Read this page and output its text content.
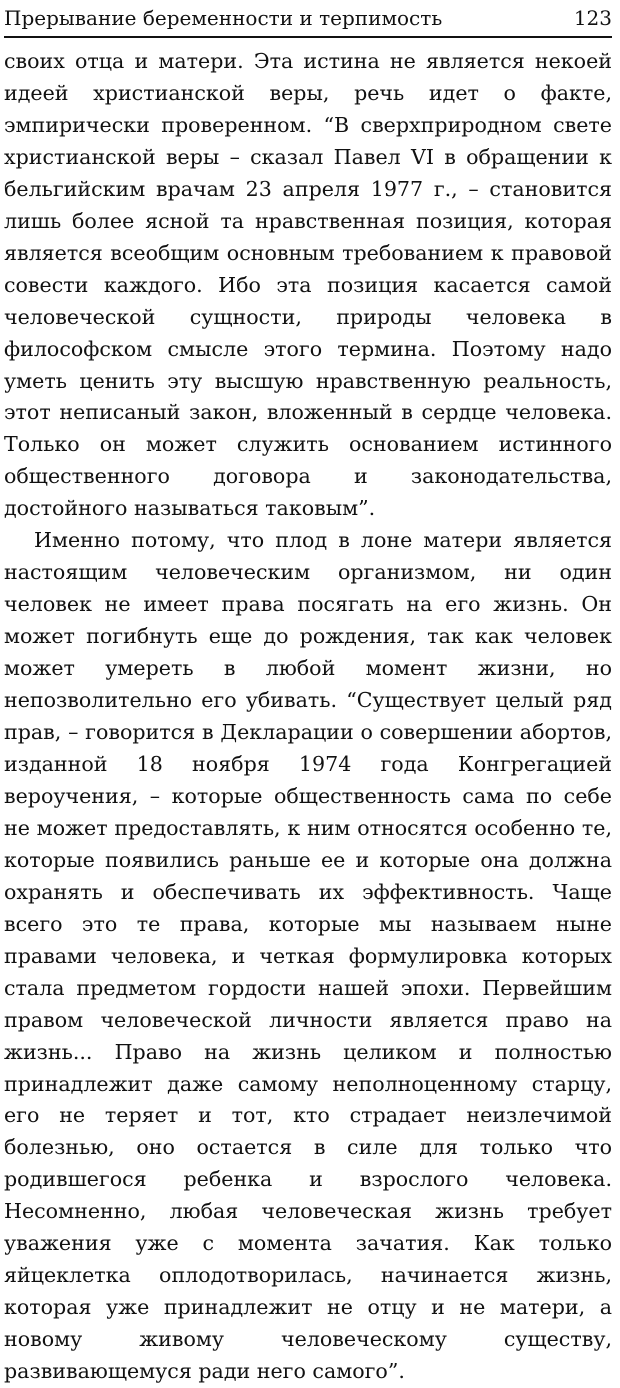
Прерывание беременности и терпимость	123

своих отца и матери. Эта истина не является некоей идеей христианской веры, речь идет о факте, эмпирически проверенном. “В сверхприродном свете христианской веры – сказал Павел VI в обращении к бельгийским врачам 23 апреля 1977 г., – становится лишь более ясной та нравственная позиция, которая является всеобщим основным требованием к правовой совести каждого. Ибо эта позиция касается самой человеческой сущности, природы человека в философском смысле этого термина. Поэтому надо уметь ценить эту высшую нравственную реальность, этот неписаный закон, вложенный в сердце человека. Только он может служить основанием истинного общественного договора и законодательства, достойного называться таковым”.

Именно потому, что плод в лоне матери является настоящим человеческим организмом, ни один человек не имеет права посягать на его жизнь. Он может погибнуть еще до рождения, так как человек может умереть в любой момент жизни, но непозволительно его убивать. “Существует целый ряд прав, – говорится в Декларации о совершении абортов, изданной 18 ноября 1974 года Конгрегацией вероучения, – которые общественность сама по себе не может предоставлять, к ним относятся особенно те, которые появились раньше ее и которые она должна охранять и обеспечивать их эффективность. Чаще всего это те права, которые мы называем ныне правами человека, и четкая формулировка которых стала предметом гордости нашей эпохи. Первейшим правом человеческой личности является право на жизнь... Право на жизнь целиком и полностью принадлежит даже самому неполноценному старцу, его не теряет и тот, кто страдает неизлечимой болезнью, оно остается в силе для только что родившегося ребенка и взрослого человека. Несомненно, любая человеческая жизнь требует уважения уже с момента зачатия. Как только яйцеклетка оплодотворилась, начинается жизнь, которая уже принадлежит не отцу и не матери, а новому живому человеческому существу, развивающемуся ради него самого”.
